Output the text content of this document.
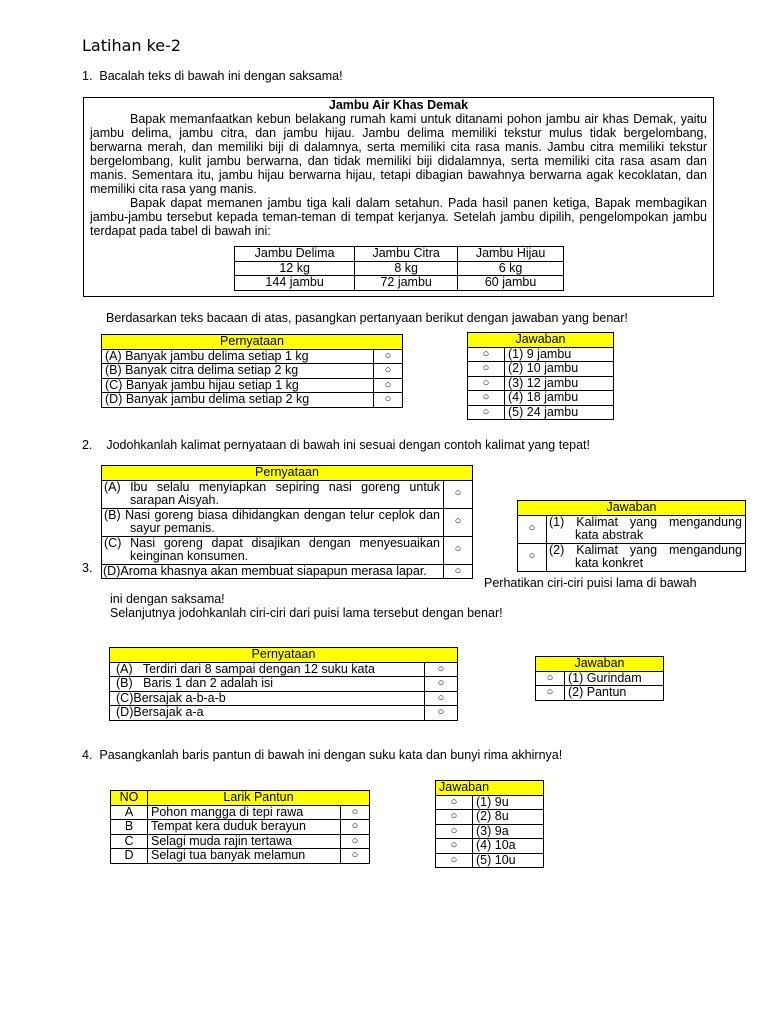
Latihan ke-2
1. Bacalah teks di bawah ini dengan saksama!
Jambu Air Khas Demak

Bapak memanfaatkan kebun belakang rumah kami untuk ditanami pohon jambu air khas Demak, yaitu jambu delima, jambu citra, dan jambu hijau. Jambu delima memiliki tekstur mulus tidak bergelombang, berwarna merah, dan memiliki biji di dalamnya, serta memiliki cita rasa manis. Jambu citra memiliki tekstur bergelombang, kulit jambu berwarna, dan tidak memiliki biji didalamnya, serta memiliki cita rasa asam dan manis. Sementara itu, jambu hijau berwarna hijau, tetapi dibagian bawahnya berwarna agak kecoklatan, dan memiliki cita rasa yang manis.

Bapak dapat memanen jambu tiga kali dalam setahun. Pada hasil panen ketiga, Bapak membagikan jambu-jambu tersebut kepada teman-teman di tempat kerjanya. Setelah jambu dipilih, pengelompokan jambu terdapat pada tabel di bawah ini:

Jambu Delima	Jambu Citra	Jambu Hijau
12 kg	8 kg	6 kg
144 jambu	72 jambu	60 jambu
Berdasarkan teks bacaan di atas, pasangkan pertanyaan berikut dengan jawaban yang benar!
Pernyataan	
(A) Banyak jambu delima setiap 1 kg	○
(B) Banyak citra delima setiap 2 kg	○
(C) Banyak jambu hijau setiap 1 kg	○
(D) Banyak jambu delima setiap 2 kg	○
Jawaban	
○	(1) 9 jambu
○	(2) 10 jambu
○	(3) 12 jambu
○	(4) 18 jambu
○	(5) 24 jambu
2. Jodohkanlah kalimat pernyataan di bawah ini sesuai dengan contoh kalimat yang tepat!
Pernyataan	
(A) Ibu selalu menyiapkan sepiring nasi goreng untuk sarapan Aisyah.	○
(B) Nasi goreng biasa dihidangkan dengan telur ceplok dan sayur pemanis.	○
(C) Nasi goreng dapat disajikan dengan menyesuaikan keinginan konsumen.	○
(D)Aroma khasnya akan membuat siapapun merasa lapar.	○
Jawaban	
○	(1) Kalimat yang mengandung kata abstrak
○	(2) Kalimat yang mengandung kata konkret
3.
Perhatikan ciri-ciri puisi lama di bawah
ini dengan saksama!
Selanjutnya jodohkanlah ciri-ciri dari puisi lama tersebut dengan benar!
Pernyataan	
(A)   Terdiri dari 8 sampai dengan 12 suku kata	○
(B)   Baris 1 dan 2 adalah isi	○
(C)Bersajak a-b-a-b	○
(D)Bersajak a-a	○
Jawaban	
○	(1) Gurindam
○	(2) Pantun
4. Pasangkanlah baris pantun di bawah ini dengan suku kata dan bunyi rima akhirnya!
NO	Larik Pantun	
A	Pohon mangga di tepi rawa	○
B	Tempat kera duduk berayun	○
C	Selagi muda rajin tertawa	○
D	Selagi tua banyak melamun	○
Jawaban	
○	(1) 9u
○	(2) 8u
○	(3) 9a
○	(4) 10a
○	(5) 10u
